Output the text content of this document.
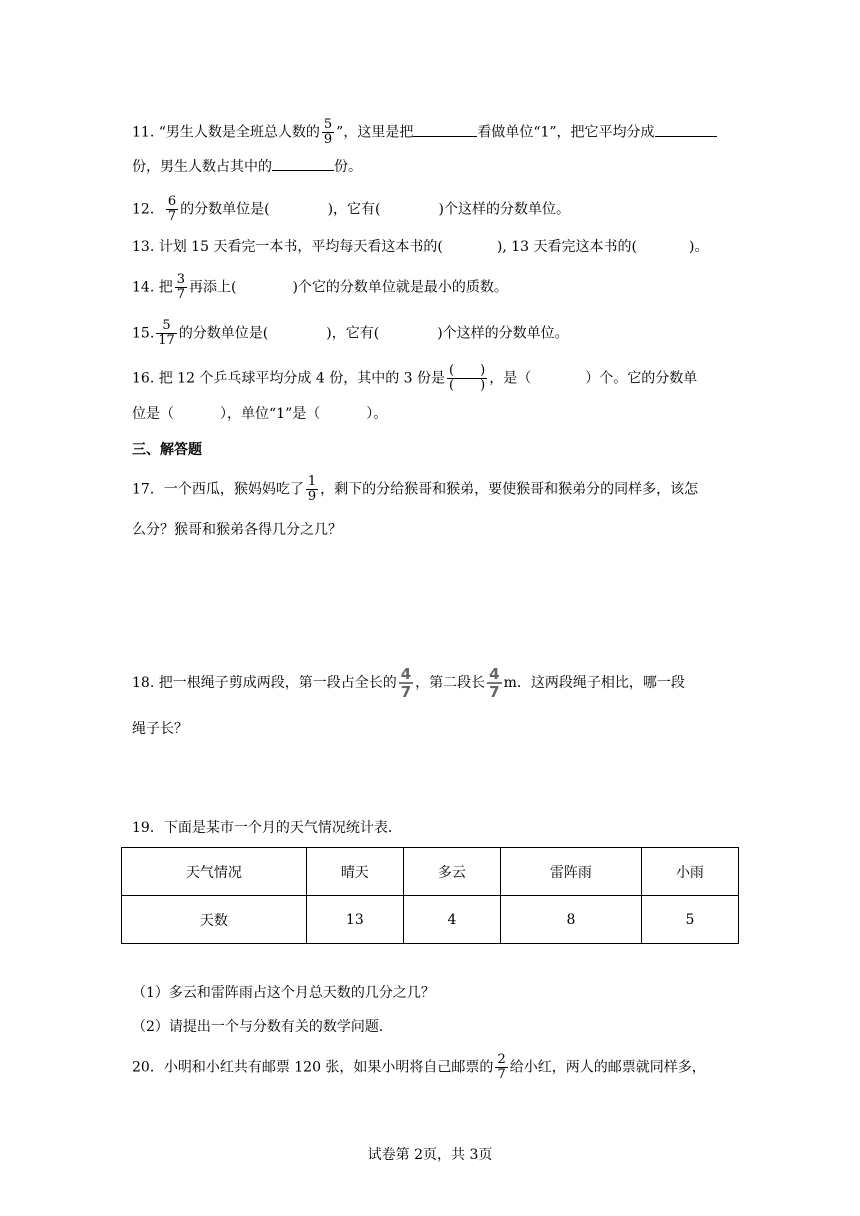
11. “男生人数是全班总人数的 $\frac{5}{9}$ ”，这里是把	看做单位“1”，把它平均分成
份，男生人数占其中的	份。
12． $\frac{6}{7}$ 的分数单位是(	)，它有(	)个这样的分数单位。
13. 计划 15 天看完一本书，平均每天看这本书的(	), 13 天看完这本书的(	)。
14. 把 $\frac{3}{7}$ 再添上(	)个它的分数单位就是最小的质数。
15. $\frac{5}{17}$ 的分数单位是(	)，它有(	)个这样的分数单位。
16. 把 12 个乒乓球平均分成 4 份，其中的 3 份是 $\frac{( )}{( )}$ ，是（	）个。它的分数单
位是（	），单位“1”是（	）。
三、解答题
17．一个西瓜，猴妈妈吃了 $\frac{1}{9}$ ，剩下的分给猴哥和猴弟，要使猴哥和猴弟分的同样多，该怎
么分？猴哥和猴弟各得几分之几？
18. 把一根绳子剪成两段，第一段占全长的 $\frac{4}{7}$ ，第二段长 $\frac{4}{7}$ m．这两段绳子相比，哪一段
绳子长？
19．下面是某市一个月的天气情况统计表．
天气情况	晴天	多云	雷阵雨	小雨
天数	13	4	8	5
（1）多云和雷阵雨占这个月总天数的几分之几？
（2）请提出一个与分数有关的数学问题．
20．小明和小红共有邮票 120 张，如果小明将自己邮票的 $\frac{2}{7}$ 给小红，两人的邮票就同样多，
试卷第 2页，共 3页
